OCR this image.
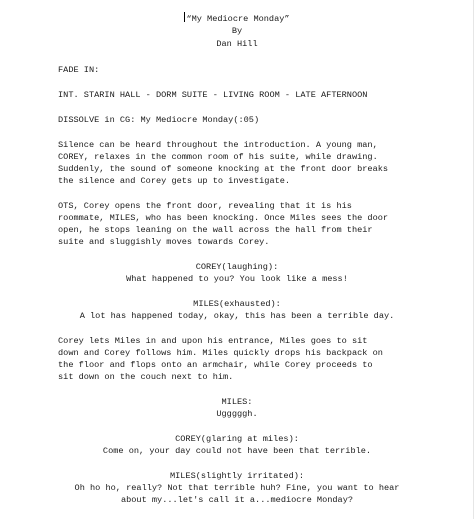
“My Mediocre Monday”
By
Dan Hill
FADE IN:
INT. STARIN HALL - DORM SUITE - LIVING ROOM - LATE AFTERNOON
DISSOLVE in CG: My Mediocre Monday(:05)
Silence can be heard throughout the introduction. A young man,
COREY, relaxes in the common room of his suite, while drawing.
Suddenly, the sound of someone knocking at the front door breaks
the silence and Corey gets up to investigate.
OTS, Corey opens the front door, revealing that it is his
roommate, MILES, who has been knocking. Once Miles sees the door
open, he stops leaning on the wall across the hall from their
suite and sluggishly moves towards Corey.
COREY(laughing):
What happened to you? You look like a mess!
MILES(exhausted):
A lot has happened today, okay, this has been a terrible day.
Corey lets Miles in and upon his entrance, Miles goes to sit
down and Corey follows him. Miles quickly drops his backpack on
the floor and flops onto an armchair, while Corey proceeds to
sit down on the couch next to him.
MILES:
Ugggggh.
COREY(glaring at miles):
Come on, your day could not have been that terrible.
MILES(slightly irritated):
Oh ho ho, really? Not that terrible huh? Fine, you want to hear
about my...let's call it a...mediocre Monday?
